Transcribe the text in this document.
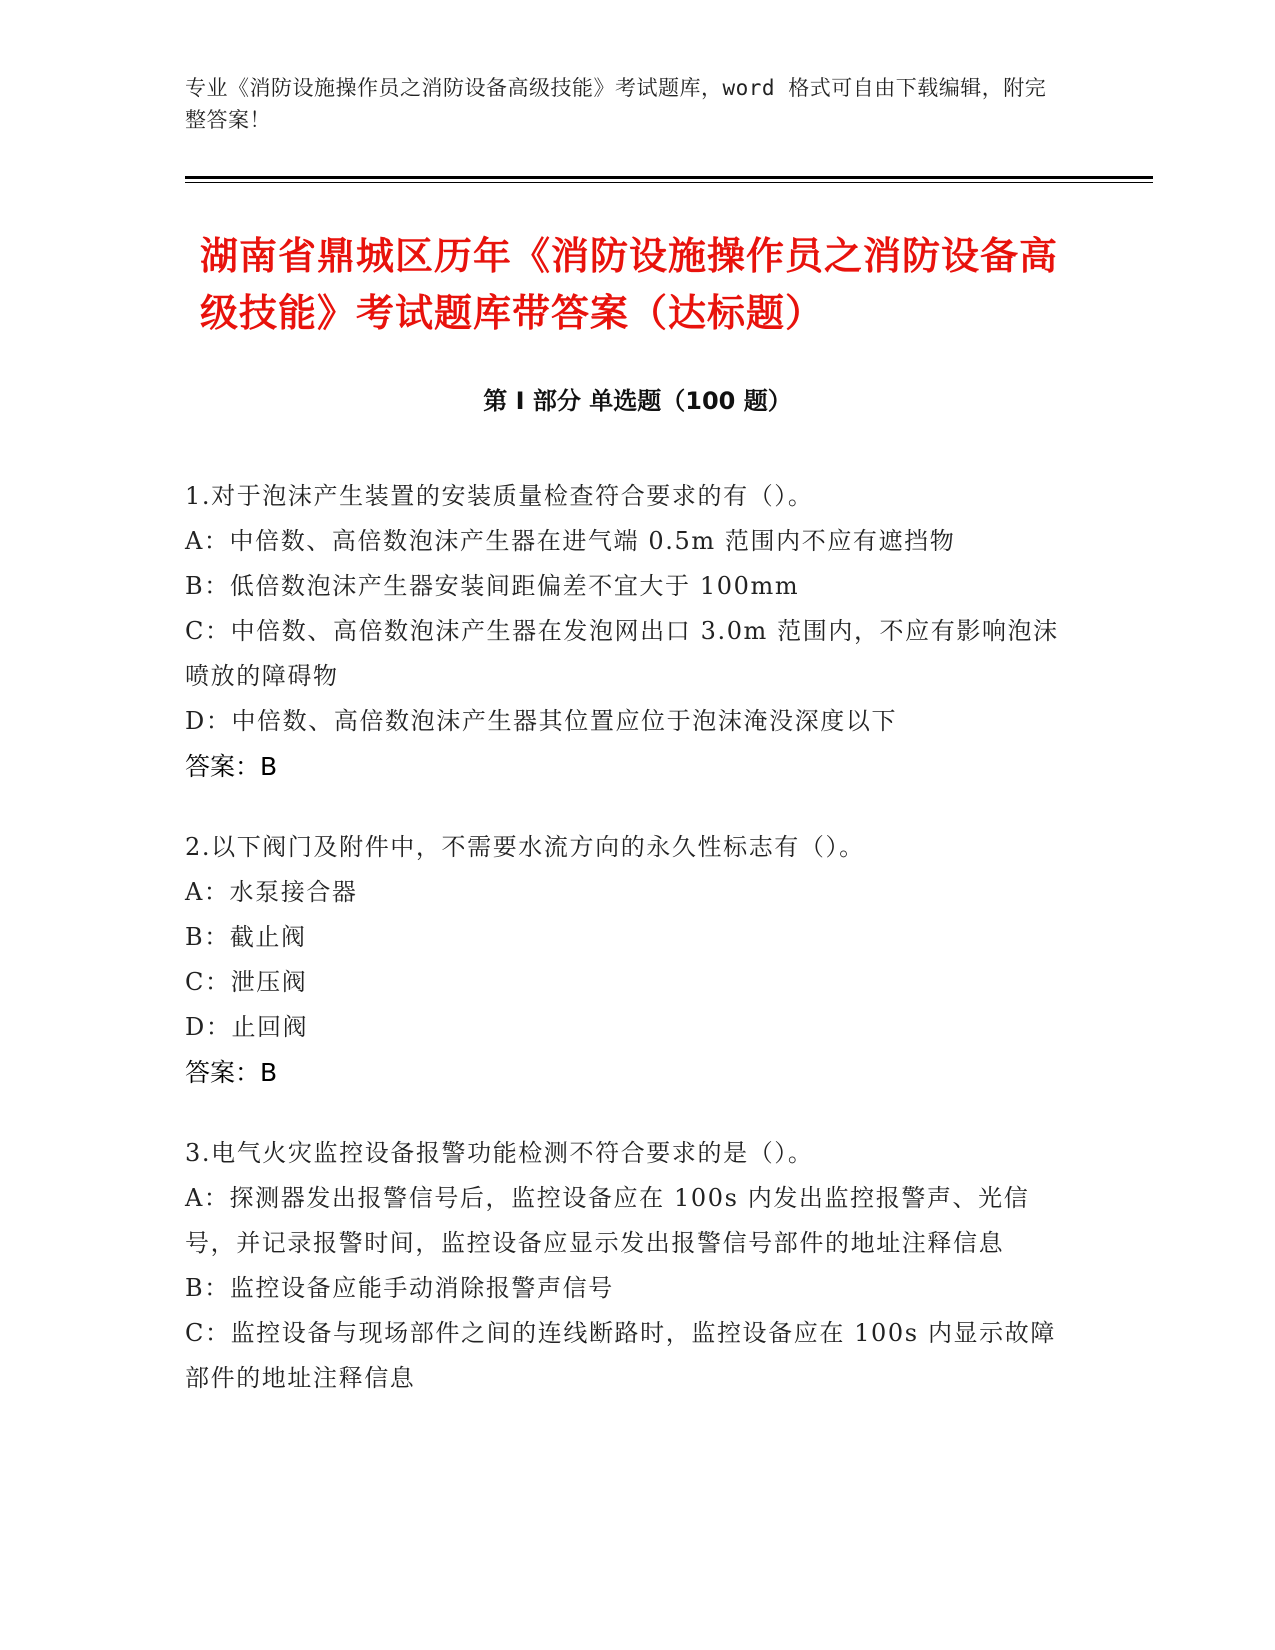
专业《消防设施操作员之消防设备高级技能》考试题库，word 格式可自由下载编辑，附完整答案！
湖南省鼎城区历年《消防设施操作员之消防设备高级技能》考试题库带答案（达标题）
第 I 部分 单选题（100 题）
1.对于泡沫产生装置的安装质量检查符合要求的有（）。
A：中倍数、高倍数泡沫产生器在进气端 0.5m 范围内不应有遮挡物
B：低倍数泡沫产生器安装间距偏差不宜大于 100mm
C：中倍数、高倍数泡沫产生器在发泡网出口 3.0m 范围内，不应有影响泡沫喷放的障碍物
D：中倍数、高倍数泡沫产生器其位置应位于泡沫淹没深度以下
答案：B
2.以下阀门及附件中，不需要水流方向的永久性标志有（）。
A：水泵接合器
B：截止阀
C：泄压阀
D：止回阀
答案：B
3.电气火灾监控设备报警功能检测不符合要求的是（）。
A：探测器发出报警信号后，监控设备应在 100s 内发出监控报警声、光信号，并记录报警时间，监控设备应显示发出报警信号部件的地址注释信息
B：监控设备应能手动消除报警声信号
C：监控设备与现场部件之间的连线断路时，监控设备应在 100s 内显示故障部件的地址注释信息
